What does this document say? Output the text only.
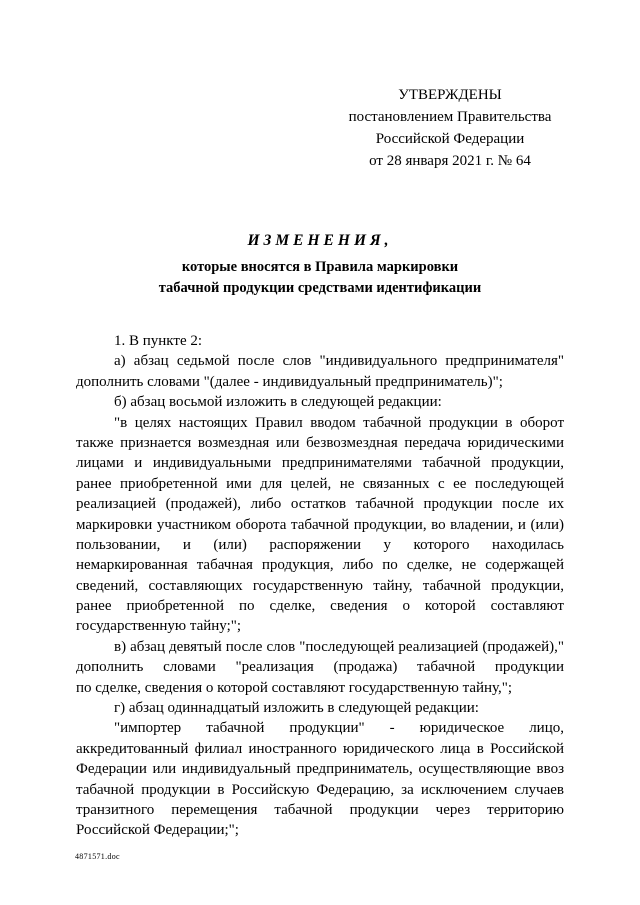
УТВЕРЖДЕНЫ
постановлением Правительства
Российской Федерации
от 28 января 2021 г. № 64
ИЗМЕНЕНИЯ,
которые вносятся в Правила маркировки
табачной продукции средствами идентификации
1. В пункте 2:
а) абзац седьмой после слов "индивидуального предпринимателя"
дополнить словами "(далее - индивидуальный предприниматель)";
б) абзац восьмой изложить в следующей редакции:
"в целях настоящих Правил вводом табачной продукции в оборот
также признается возмездная или безвозмездная передача юридическими
лицами и индивидуальными предпринимателями табачной продукции,
ранее приобретенной ими для целей, не связанных с ее последующей
реализацией (продажей), либо остатков табачной продукции после их
маркировки участником оборота табачной продукции, во владении, и (или)
пользовании, и (или) распоряжении у которого находилась
немаркированная табачная продукция, либо по сделке, не содержащей
сведений, составляющих государственную тайну, табачной продукции,
ранее приобретенной по сделке, сведения о которой составляют
государственную тайну;";
в) абзац девятый после слов "последующей реализацией (продажей),"
дополнить словами "реализация (продажа) табачной продукции
по сделке, сведения о которой составляют государственную тайну,";
г) абзац одиннадцатый изложить в следующей редакции:
"импортер табачной продукции" - юридическое лицо,
аккредитованный филиал иностранного юридического лица в Российской
Федерации или индивидуальный предприниматель, осуществляющие ввоз
табачной продукции в Российскую Федерацию, за исключением случаев
транзитного перемещения табачной продукции через территорию
Российской Федерации;";
4871571.doc
